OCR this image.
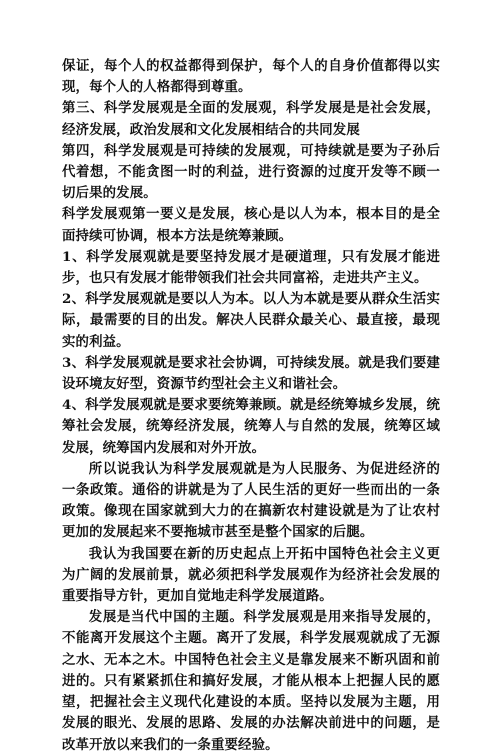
保证，每个人的权益都得到保护，每个人的自身价值都得以实现，每个人的人格都得到尊重。

第三、科学发展观是全面的发展观，科学发展是是社会发展，经济发展，政治发展和文化发展相结合的共同发展

第四，科学发展观是可持续的发展观，可持续就是要为子孙后代着想，不能贪图一时的利益，进行资源的过度开发等不顾一切后果的发展。

科学发展观第一要义是发展，核心是以人为本，根本目的是全面持续可协调，根本方法是统筹兼顾。

1、科学发展观就是要坚持发展才是硬道理，只有发展才能进步，也只有发展才能带领我们社会共同富裕，走进共产主义。

2、科学发展观就是要以人为本。以人为本就是要从群众生活实际，最需要的目的出发。解决人民群众最关心、最直接，最现实的利益。

3、科学发展观就是要求社会协调，可持续发展。就是我们要建设环境友好型，资源节约型社会主义和谐社会。

4、科学发展观就是要求要统筹兼顾。就是经统筹城乡发展，统筹社会发展，统筹经济发展，统筹人与自然的发展，统筹区域发展，统筹国内发展和对外开放。

所以说我认为科学发展观就是为人民服务、为促进经济的一条政策。通俗的讲就是为了人民生活的更好一些而出的一条政策。像现在国家就到大力的在搞新农村建设就是为了让农村更加的发展起来不要拖城市甚至是整个国家的后腿。

我认为我国要在新的历史起点上开拓中国特色社会主义更为广阔的发展前景，就必须把科学发展观作为经济社会发展的重要指导方针，更加自觉地走科学发展道路。

发展是当代中国的主题。科学发展观是用来指导发展的，不能离开发展这个主题。离开了发展，科学发展观就成了无源之水、无本之木。中国特色社会主义是靠发展来不断巩固和前进的。只有紧紧抓住和搞好发展，才能从根本上把握人民的愿望，把握社会主义现代化建设的本质。坚持以发展为主题，用发展的眼光、发展的思路、发展的办法解决前进中的问题，是改革开放以来我们的一条重要经验。
